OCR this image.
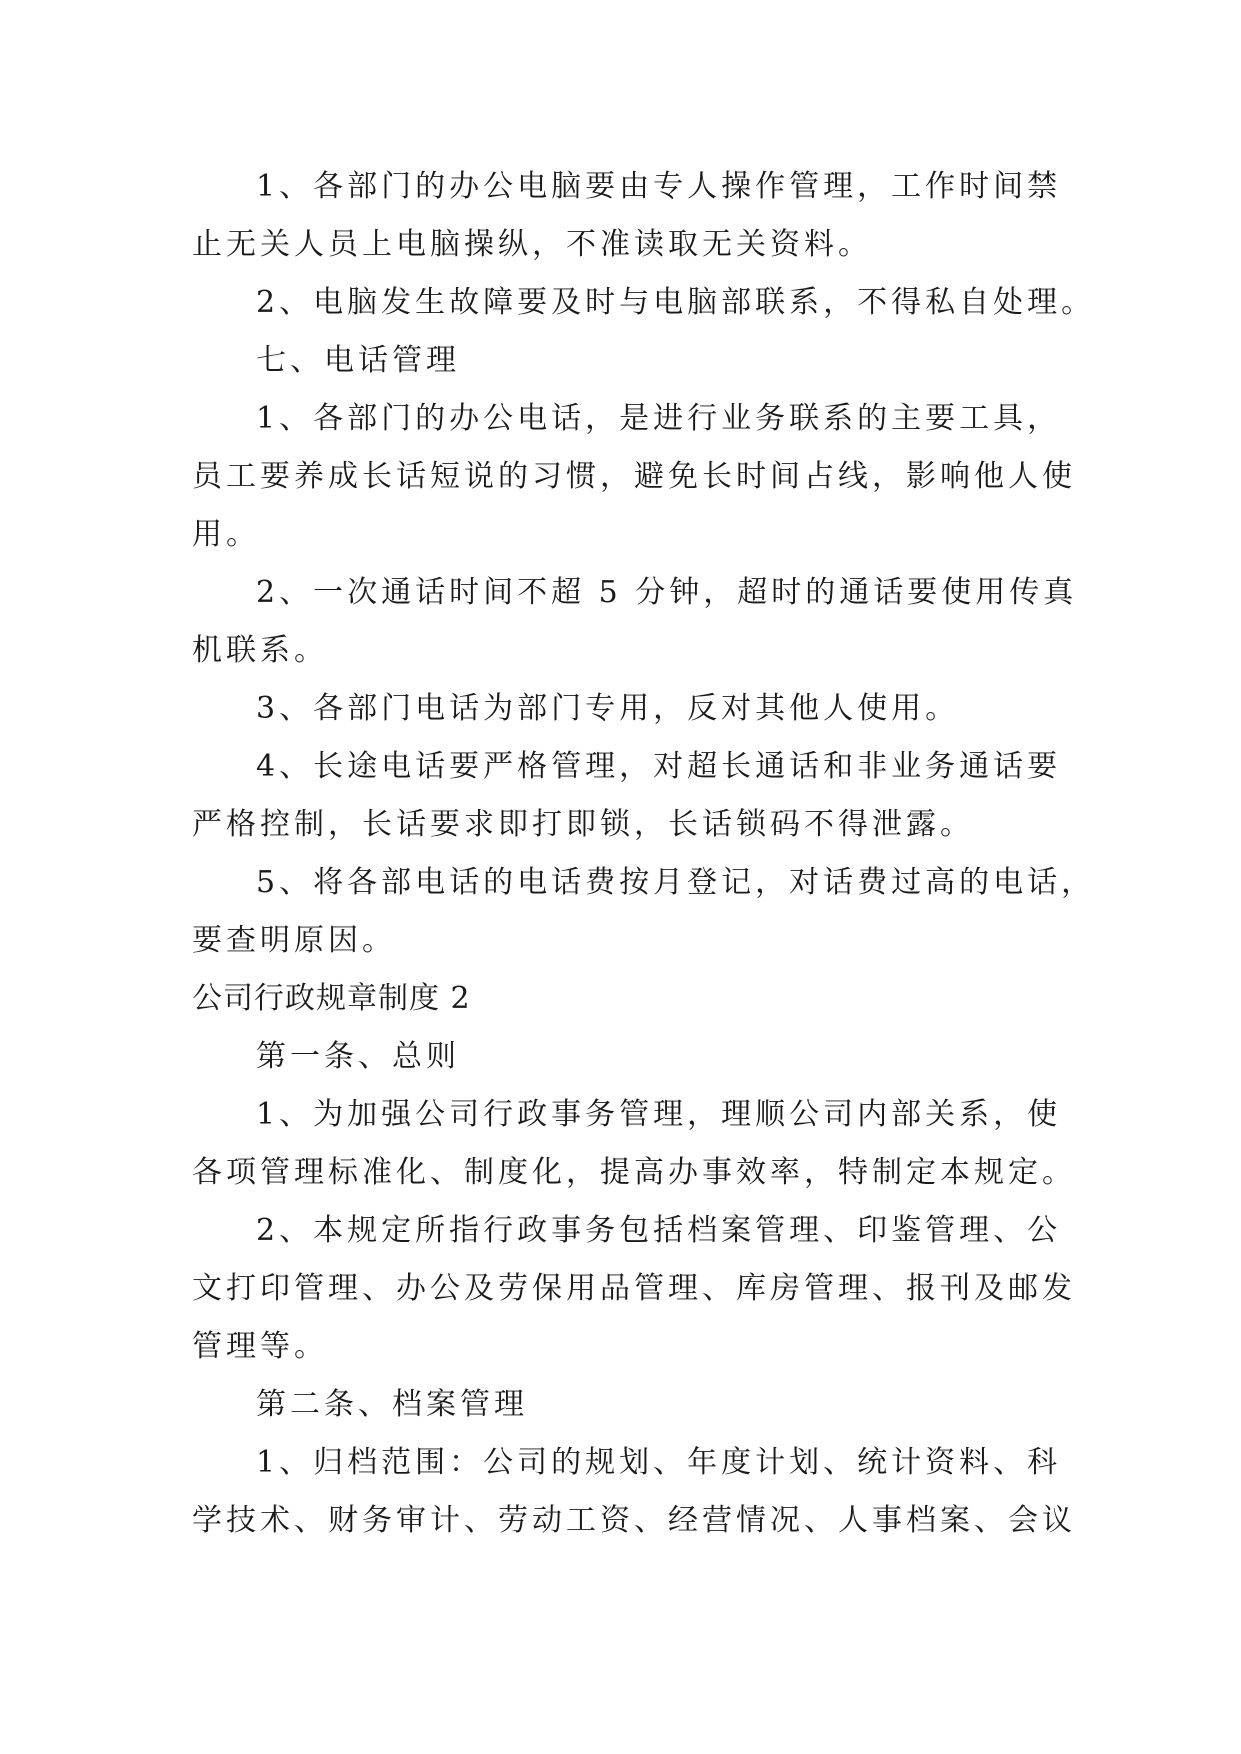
1、各部门的办公电脑要由专人操作管理，工作时间禁
止无关人员上电脑操纵，不准读取无关资料。
2、电脑发生故障要及时与电脑部联系，不得私自处理。
七、电话管理
1、各部门的办公电话，是进行业务联系的主要工具，
员工要养成长话短说的习惯，避免长时间占线，影响他人使
用。
2、一次通话时间不超 5 分钟，超时的通话要使用传真
机联系。
3、各部门电话为部门专用，反对其他人使用。
4、长途电话要严格管理，对超长通话和非业务通话要
严格控制，长话要求即打即锁，长话锁码不得泄露。
5、将各部电话的电话费按月登记，对话费过高的电话，
要查明原因。
公司行政规章制度 2
第一条、总则
1、为加强公司行政事务管理，理顺公司内部关系，使
各项管理标准化、制度化，提高办事效率，特制定本规定。
2、本规定所指行政事务包括档案管理、印鉴管理、公
文打印管理、办公及劳保用品管理、库房管理、报刊及邮发
管理等。
第二条、档案管理
1、归档范围：公司的规划、年度计划、统计资料、科
学技术、财务审计、劳动工资、经营情况、人事档案、会议
